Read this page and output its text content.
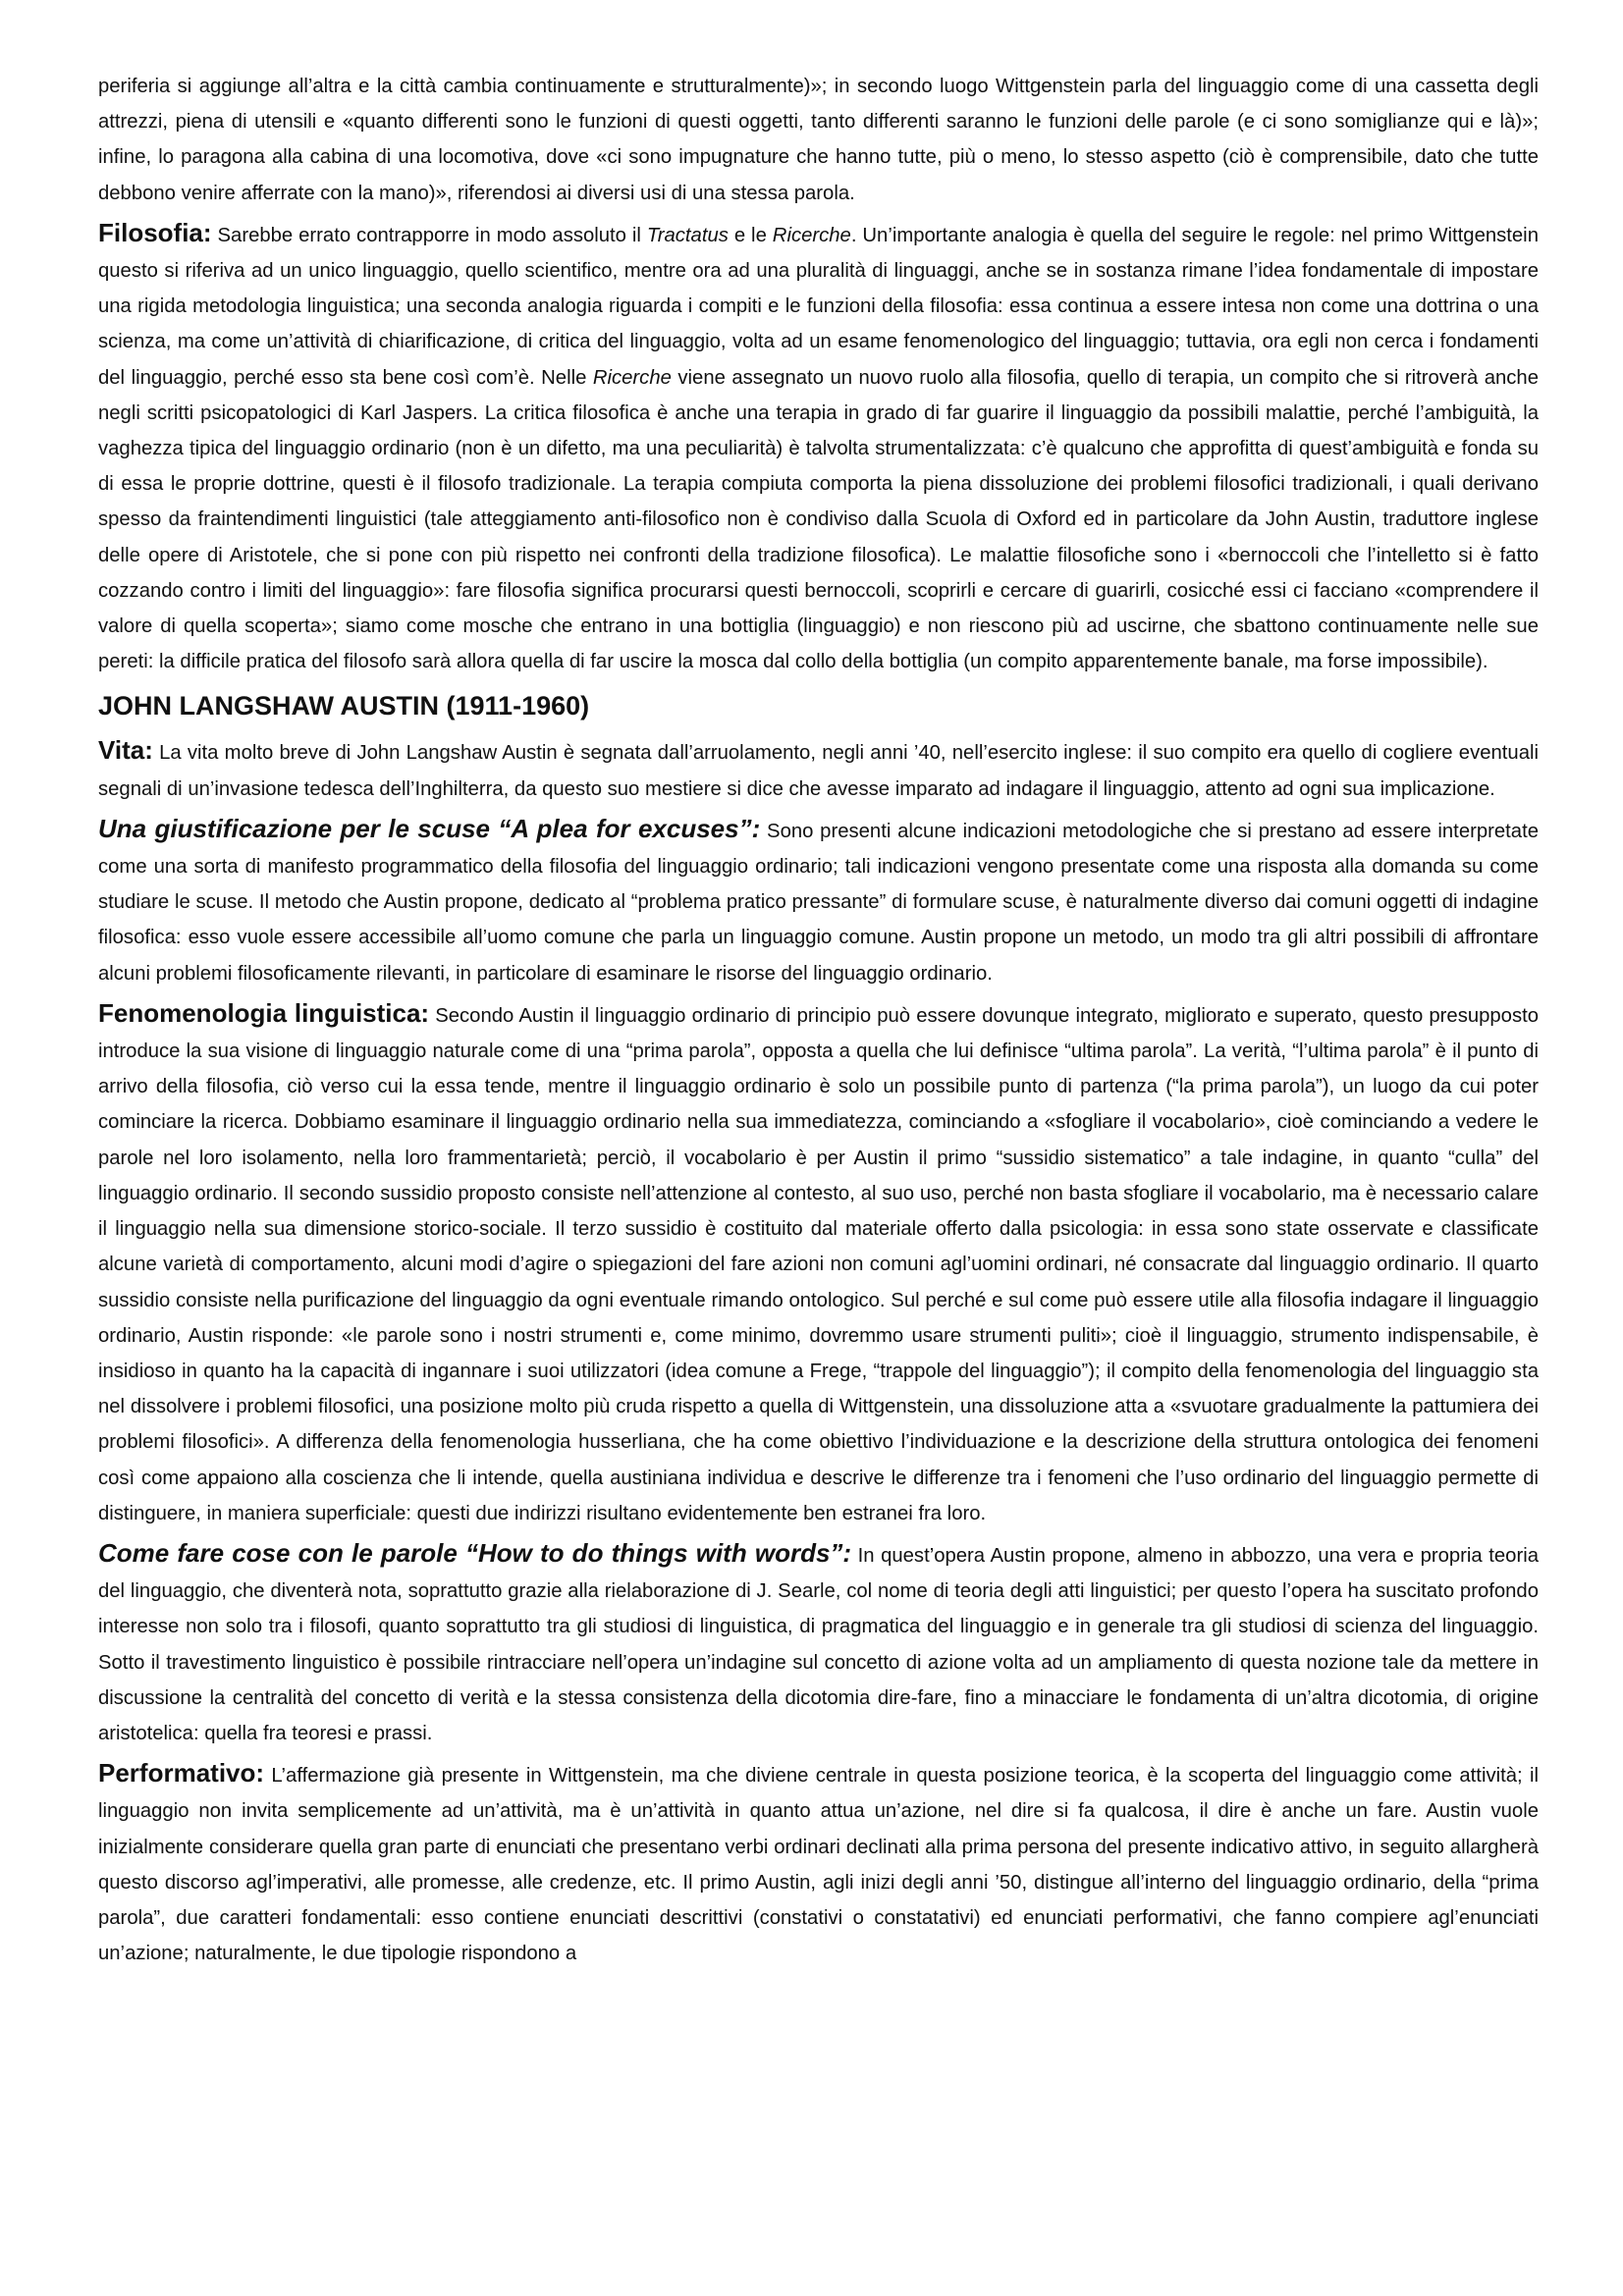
periferia si aggiunge all’altra e la città cambia continuamente e strutturalmente)»; in secondo luogo Wittgenstein parla del linguaggio come di una cassetta degli attrezzi, piena di utensili e «quanto differenti sono le funzioni di questi oggetti, tanto differenti saranno le funzioni delle parole (e ci sono somiglianze qui e là)»; infine, lo paragona alla cabina di una locomotiva, dove «ci sono impugnature che hanno tutte, più o meno, lo stesso aspetto (ciò è comprensibile, dato che tutte debbono venire afferrate con la mano)», riferendosi ai diversi usi di una stessa parola.

Filosofia: Sarebbe errato contrapporre in modo assoluto il Tractatus e le Ricerche. Un’importante analogia è quella del seguire le regole: nel primo Wittgenstein questo si riferiva ad un unico linguaggio, quello scientifico, mentre ora ad una pluralità di linguaggi, anche se in sostanza rimane l’idea fondamentale di impostare una rigida metodologia linguistica; una seconda analogia riguarda i compiti e le funzioni della filosofia: essa continua a essere intesa non come una dottrina o una scienza, ma come un’attività di chiarificazione, di critica del linguaggio, volta ad un esame fenomenologico del linguaggio; tuttavia, ora egli non cerca i fondamenti del linguaggio, perché esso sta bene così com’è. Nelle Ricerche viene assegnato un nuovo ruolo alla filosofia, quello di terapia, un compito che si ritroverà anche negli scritti psicopatologici di Karl Jaspers. La critica filosofica è anche una terapia in grado di far guarire il linguaggio da possibili malattie, perché l’ambiguità, la vaghezza tipica del linguaggio ordinario (non è un difetto, ma una peculiarità) è talvolta strumentalizzata: c’è qualcuno che approfitta di quest’ambiguità e fonda su di essa le proprie dottrine, questi è il filosofo tradizionale. La terapia compiuta comporta la piena dissoluzione dei problemi filosofici tradizionali, i quali derivano spesso da fraintendimenti linguistici (tale atteggiamento anti-filosofico non è condiviso dalla Scuola di Oxford ed in particolare da John Austin, traduttore inglese delle opere di Aristotele, che si pone con più rispetto nei confronti della tradizione filosofica). Le malattie filosofiche sono i «bernoccoli che l’intelletto si è fatto cozzando contro i limiti del linguaggio»: fare filosofia significa procurarsi questi bernoccoli, scoprirli e cercare di guarirli, cosicché essi ci facciano «comprendere il valore di quella scoperta»; siamo come mosche che entrano in una bottiglia (linguaggio) e non riescono più ad uscirne, che sbattono continuamente nelle sue pereti: la difficile pratica del filosofo sarà allora quella di far uscire la mosca dal collo della bottiglia (un compito apparentemente banale, ma forse impossibile).

JOHN LANGSHAW AUSTIN (1911-1960)

Vita: La vita molto breve di John Langshaw Austin è segnata dall’arruolamento, negli anni ’40, nell’esercito inglese: il suo compito era quello di cogliere eventuali segnali di un’invasione tedesca dell’Inghilterra, da questo suo mestiere si dice che avesse imparato ad indagare il linguaggio, attento ad ogni sua implicazione.

Una giustificazione per le scuse “A plea for excuses”: Sono presenti alcune indicazioni metodologiche che si prestano ad essere interpretate come una sorta di manifesto programmatico della filosofia del linguaggio ordinario; tali indicazioni vengono presentate come una risposta alla domanda su come studiare le scuse. Il metodo che Austin propone, dedicato al “problema pratico pressante” di formulare scuse, è naturalmente diverso dai comuni oggetti di indagine filosofica: esso vuole essere accessibile all’uomo comune che parla un linguaggio comune. Austin propone un metodo, un modo tra gli altri possibili di affrontare alcuni problemi filosoficamente rilevanti, in particolare di esaminare le risorse del linguaggio ordinario.

Fenomenologia linguistica: Secondo Austin il linguaggio ordinario di principio può essere dovunque integrato, migliorato e superato, questo presupposto introduce la sua visione di linguaggio naturale come di una “prima parola”, opposta a quella che lui definisce “ultima parola”. La verità, “l’ultima parola” è il punto di arrivo della filosofia, ciò verso cui la essa tende, mentre il linguaggio ordinario è solo un possibile punto di partenza (“la prima parola”), un luogo da cui poter cominciare la ricerca. Dobbiamo esaminare il linguaggio ordinario nella sua immediatezza, cominciando a «sfogliare il vocabolario», cioè cominciando a vedere le parole nel loro isolamento, nella loro frammentarietà; perciò, il vocabolario è per Austin il primo “sussidio sistematico” a tale indagine, in quanto “culla” del linguaggio ordinario. Il secondo sussidio proposto consiste nell’attenzione al contesto, al suo uso, perché non basta sfogliare il vocabolario, ma è necessario calare il linguaggio nella sua dimensione storico-sociale. Il terzo sussidio è costituito dal materiale offerto dalla psicologia: in essa sono state osservate e classificate alcune varietà di comportamento, alcuni modi d’agire o spiegazioni del fare azioni non comuni agl’uomini ordinari, né consacrate dal linguaggio ordinario. Il quarto sussidio consiste nella purificazione del linguaggio da ogni eventuale rimando ontologico. Sul perché e sul come può essere utile alla filosofia indagare il linguaggio ordinario, Austin risponde: «le parole sono i nostri strumenti e, come minimo, dovremmo usare strumenti puliti»; cioè il linguaggio, strumento indispensabile, è insidioso in quanto ha la capacità di ingannare i suoi utilizzatori (idea comune a Frege, “trappole del linguaggio”); il compito della fenomenologia del linguaggio sta nel dissolvere i problemi filosofici, una posizione molto più cruda rispetto a quella di Wittgenstein, una dissoluzione atta a «svuotare gradualmente la pattumiera dei problemi filosofici». A differenza della fenomenologia husserliana, che ha come obiettivo l’individuazione e la descrizione della struttura ontologica dei fenomeni così come appaiono alla coscienza che li intende, quella austiniana individua e descrive le differenze tra i fenomeni che l’uso ordinario del linguaggio permette di distinguere, in maniera superficiale: questi due indirizzi risultano evidentemente ben estranei fra loro.

Come fare cose con le parole “How to do things with words”: In quest’opera Austin propone, almeno in abbozzo, una vera e propria teoria del linguaggio, che diventerà nota, soprattutto grazie alla rielaborazione di J. Searle, col nome di teoria degli atti linguistici; per questo l’opera ha suscitato profondo interesse non solo tra i filosofi, quanto soprattutto tra gli studiosi di linguistica, di pragmatica del linguaggio e in generale tra gli studiosi di scienza del linguaggio. Sotto il travestimento linguistico è possibile rintracciare nell’opera un’indagine sul concetto di azione volta ad un ampliamento di questa nozione tale da mettere in discussione la centralità del concetto di verità e la stessa consistenza della dicotomia dire-fare, fino a minacciare le fondamenta di un’altra dicotomia, di origine aristotelica: quella fra teoresi e prassi.

Performativo: L’affermazione già presente in Wittgenstein, ma che diviene centrale in questa posizione teorica, è la scoperta del linguaggio come attività; il linguaggio non invita semplicemente ad un’attività, ma è un’attività in quanto attua un’azione, nel dire si fa qualcosa, il dire è anche un fare. Austin vuole inizialmente considerare quella gran parte di enunciati che presentano verbi ordinari declinati alla prima persona del presente indicativo attivo, in seguito allargherà questo discorso agl’imperativi, alle promesse, alle credenze, etc. Il primo Austin, agli inizi degli anni ’50, distingue all’interno del linguaggio ordinario, della “prima parola”, due caratteri fondamentali: esso contiene enunciati descrittivi (constativi o constatativi) ed enunciati performativi, che fanno compiere agl’enunciati un’azione; naturalmente, le due tipologie rispondono a
